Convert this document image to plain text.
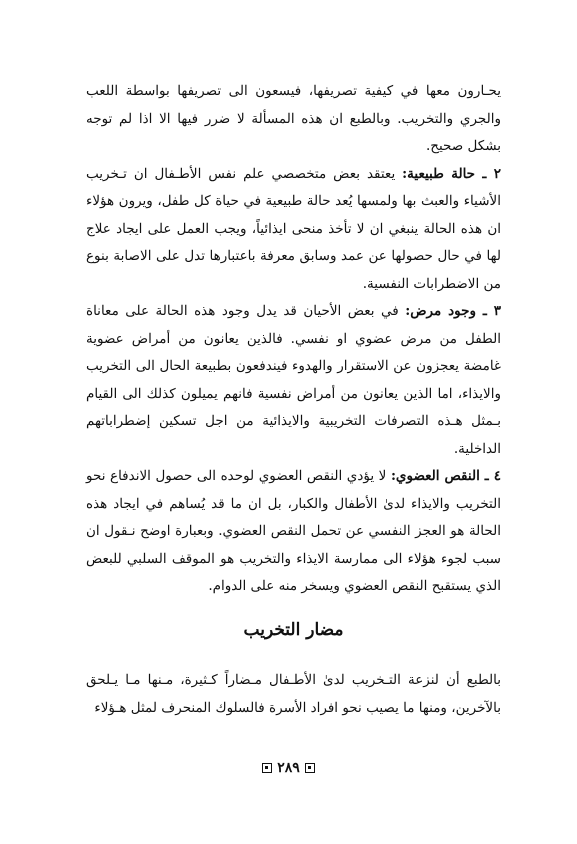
يحـارون معها في كيفية تصريفها، فيسعون الى تصريفها بواسطة اللعب والجري والتخريب. وبالطبع ان هذه المسألة لا ضرر فيها الا اذا لم توجه بشكل صحيح.

٢ ـ حالة طبيعية: يعتقد بعض متخصصي علم نفس الأطـفال ان تـخريب الأشياء والعبث بها ولمسها يُعد حالة طبيعية في حياة كل طفل، ويرون هؤلاء ان هذه الحالة ينبغي ان لا تأخذ منحى ايذائياً، ويجب العمل على ايجاد علاج لها في حال حصولها عن عمد وسابق معرفة باعتبارها تدل على الاصابة بنوع من الاضطرابات النفسية.

٣ ـ وجود مرض: في بعض الأحيان قد يدل وجود هذه الحالة على معاناة الطفل من مرض عضوي او نفسي. فالذين يعانون من أمراض عضوية غامضة يعجزون عن الاستقرار والهدوء فيندفعون بطبيعة الحال الى التخريب والايذاء، اما الذين يعانون من أمراض نفسية فانهم يميلون كذلك الى القيام بـمثل هـذه التصرفات التخريبية والايذائية من اجل تسكين إضطراباتهم الداخلية.

٤ ـ النقص العضوي: لا يؤدي النقص العضوي لوحده الى حصول الاندفاع نحو التخريب والايذاء لدىٰ الأطفال والكبار، بل ان ما قد يُساهم في ايجاد هذه الحالة هو العجز النفسي عن تحمل النقص العضوي. وبعبارة اوضح نـقول ان سبب لجوء هؤلاء الى ممارسة الايذاء والتخريب هو الموقف السلبي للبعض الذي يستقبح النقص العضوي ويسخر منه على الدوام.

مضار التخريب

بالطبع أن لنزعة التـخريب لدىٰ الأطـفال مـضاراً كـثيرة، مـنها مـا يـلحق بالآخرين، ومنها ما يصيب نحو افراد الأسرة فالسلوك المنحرف لمثل هـؤلاء

٢٨٩
